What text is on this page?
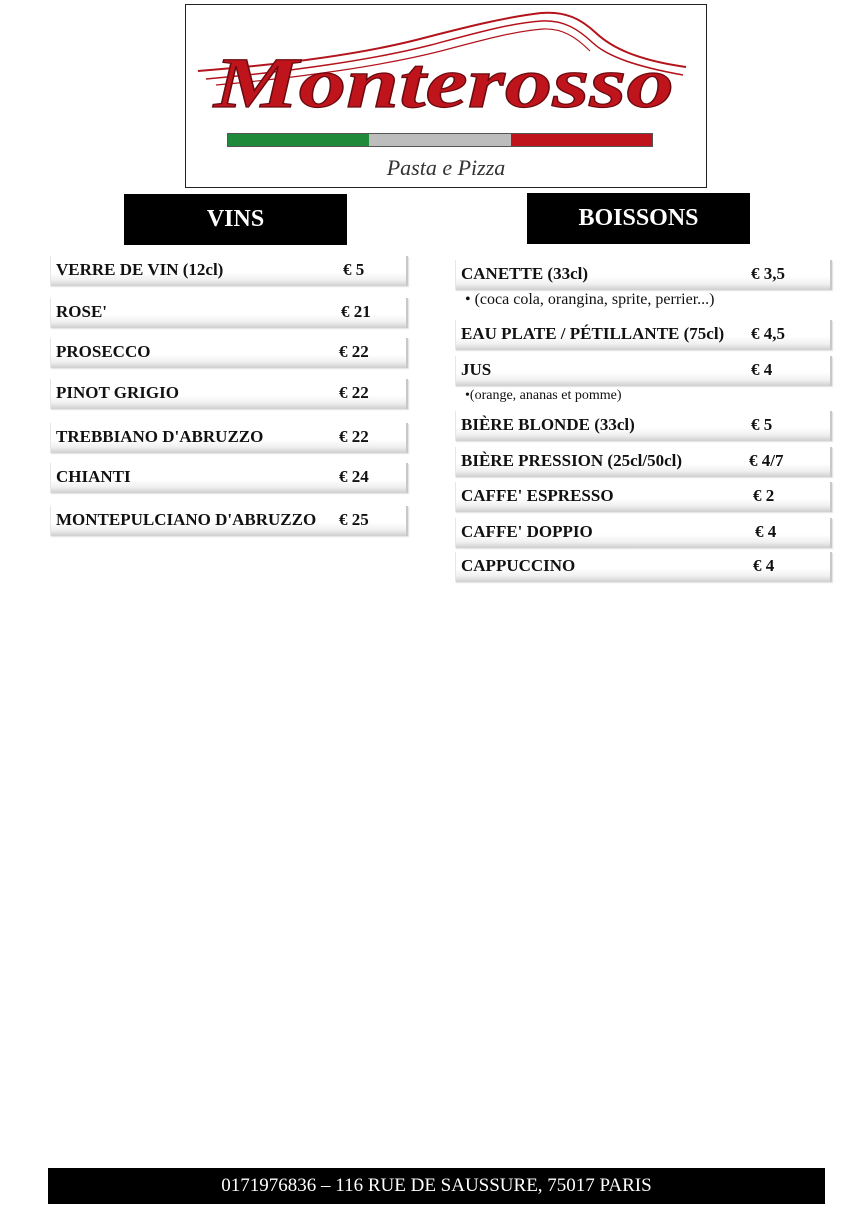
Monterosso
Pasta e Pizza
VINS
VERRE DE VIN (12cl)	€ 5
ROSE'	€ 21
PROSECCO	€ 22
PINOT GRIGIO	€ 22
TREBBIANO D'ABRUZZO	€ 22
CHIANTI	€ 24
MONTEPULCIANO D'ABRUZZO € 25
BOISSONS
CANETTE (33cl)	€ 3,5
• (coca cola, orangina, sprite, perrier...)
EAU PLATE / PÉTILLANTE (75cl) € 4,5
JUS	€ 4
•(orange, ananas et pomme)
BIÈRE BLONDE (33cl)	€ 5
BIÈRE PRESSION (25cl/50cl)	€ 4/7
CAFFE' ESPRESSO	€ 2
CAFFE' DOPPIO	€ 4
CAPPUCCINO	€ 4
0171976836 – 116 RUE DE SAUSSURE, 75017 PARIS
